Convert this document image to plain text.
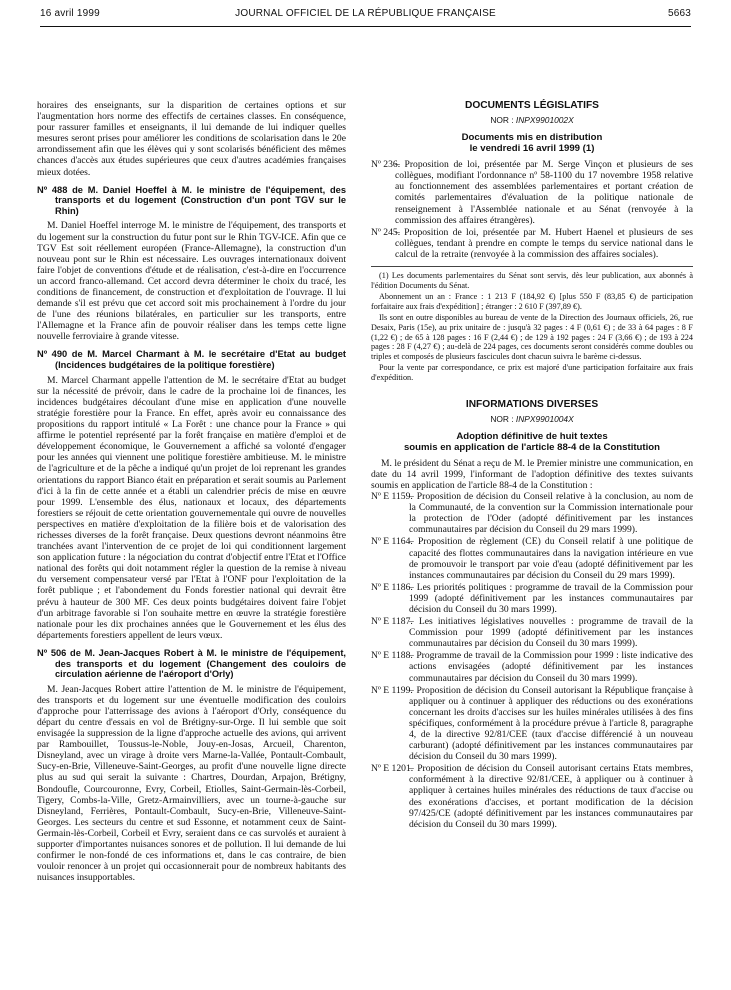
16 avril 1999	JOURNAL OFFICIEL DE LA RÉPUBLIQUE FRANÇAISE	5663

horaires des enseignants, sur la disparition de certaines options et sur l'augmentation hors norme des effectifs de certaines classes. En conséquence, pour rassurer familles et enseignants, il lui demande de lui indiquer quelles mesures seront prises pour améliorer les conditions de scolarisation dans le 20e arrondissement afin que les élèves qui y sont scolarisés bénéficient des mêmes chances d'accès aux études supérieures que ceux d'autres académies françaises mieux dotées.

Nº 488 de M. Daniel Hoeffel à M. le ministre de l'équipement, des transports et du logement (Construction d'un pont TGV sur le Rhin)

M. Daniel Hoeffel interroge M. le ministre de l'équipement, des transports et du logement sur la construction du futur pont sur le Rhin TGV-ICE. Afin que ce TGV Est soit réellement européen (France-Allemagne), la construction d'un nouveau pont sur le Rhin est nécessaire. Les ouvrages internationaux doivent faire l'objet de conventions d'étude et de réalisation, c'est-à-dire en l'occurrence un accord franco-allemand. Cet accord devra déterminer le choix du tracé, les conditions de financement, de construction et d'exploitation de l'ouvrage. Il lui demande s'il est prévu que cet accord soit mis prochainement à l'ordre du jour de l'une des réunions bilatérales, en particulier sur les transports, entre l'Allemagne et la France afin de pouvoir réaliser dans les temps cette ligne nouvelle ferroviaire à grande vitesse.

Nº 490 de M. Marcel Charmant à M. le secrétaire d'Etat au budget (Incidences budgétaires de la politique forestière)

M. Marcel Charmant appelle l'attention de M. le secrétaire d'Etat au budget sur la nécessité de prévoir, dans le cadre de la prochaine loi de finances, les incidences budgétaires découlant d'une mise en application d'une nouvelle stratégie forestière pour la France. En effet, après avoir eu connaissance des propositions du rapport intitulé « La Forêt : une chance pour la France » qui affirme le potentiel représenté par la forêt française en matière d'emploi et de développement économique, le Gouvernement a affiché sa volonté d'engager pour les années qui viennent une politique forestière ambitieuse. M. le ministre de l'agriculture et de la pêche a indiqué qu'un projet de loi reprenant les grandes orientations du rapport Bianco était en préparation et serait soumis au Parlement d'ici à la fin de cette année et a établi un calendrier précis de mise en œuvre pour 1999. L'ensemble des élus, nationaux et locaux, des départements forestiers se réjouit de cette orientation gouvernementale qui ouvre de nouvelles perspectives en matière d'exploitation de la filière bois et de valorisation des richesses diverses de la forêt française. Deux questions devront néanmoins être tranchées avant l'intervention de ce projet de loi qui conditionnent largement son application future : la négociation du contrat d'objectif entre l'Etat et l'Office national des forêts qui doit notamment régler la question de la remise à niveau du versement compensateur versé par l'Etat à l'ONF pour l'exploitation de la forêt publique ; et l'abondement du Fonds forestier national qui devrait être prévu à hauteur de 300 MF. Ces deux points budgétaires doivent faire l'objet d'un arbitrage favorable si l'on souhaite mettre en œuvre la stratégie forestière nationale pour les dix prochaines années que le Gouvernement et les élus des départements forestiers appellent de leurs vœux.

Nº 506 de M. Jean-Jacques Robert à M. le ministre de l'équipement, des transports et du logement (Changement des couloirs de circulation aérienne de l'aéroport d'Orly)

M. Jean-Jacques Robert attire l'attention de M. le ministre de l'équipement, des transports et du logement sur une éventuelle modification des couloirs d'approche pour l'atterrissage des avions à l'aéroport d'Orly, conséquence du départ du centre d'essais en vol de Brétigny-sur-Orge. Il lui semble que soit envisagée la suppression de la ligne d'approche actuelle des avions, qui arrivent par Rambouillet, Toussus-le-Noble, Jouy-en-Josas, Arcueil, Charenton, Disneyland, avec un virage à droite vers Marne-la-Vallée, Pontault-Combault, Sucy-en-Brie, Villeneuve-Saint-Georges, au profit d'une nouvelle ligne directe plus au sud qui serait la suivante : Chartres, Dourdan, Arpajon, Brétigny, Bondoufle, Courcouronne, Evry, Corbeil, Etiolles, Saint-Germain-lès-Corbeil, Tigery, Combs-la-Ville, Gretz-Armainvilliers, avec un tourne-à-gauche sur Disneyland, Ferrières, Pontault-Combault, Sucy-en-Brie, Villeneuve-Saint-Georges. Les secteurs du centre et sud Essonne, et notamment ceux de Saint-Germain-lès-Corbeil, Corbeil et Evry, seraient dans ce cas survolés et auraient à supporter d'importantes nuisances sonores et de pollution. Il lui demande de lui confirmer le non-fondé de ces informations et, dans le cas contraire, de bien vouloir renoncer à un projet qui occasionnerait pour de nombreux habitants des nuisances insupportables.

DOCUMENTS LÉGISLATIFS
NOR : INPX9901002X
Documents mis en distribution
le vendredi 16 avril 1999 (1)
Nº 236.
– Proposition de loi, présentée par M. Serge Vinçon et plusieurs de ses collègues, modifiant l'ordonnance nº 58-1100 du 17 novembre 1958 relative au fonctionnement des assemblées parlementaires et portant création de comités parlementaires d'évaluation de la politique nationale de renseignement à l'Assemblée nationale et au Sénat (renvoyée à la commission des affaires étrangères).
Nº 245.
– Proposition de loi, présentée par M. Hubert Haenel et plusieurs de ses collègues, tendant à prendre en compte le temps du service national dans le calcul de la retraite (renvoyée à la commission des affaires sociales).

(1) Les documents parlementaires du Sénat sont servis, dès leur publication, aux abonnés à l'édition Documents du Sénat.

Abonnement un an : France : 1 213 F (184,92 €) [plus 550 F (83,85 €) de participation forfaitaire aux frais d'expédition] ; étranger : 2 610 F (397,89 €).

Ils sont en outre disponibles au bureau de vente de la Direction des Journaux officiels, 26, rue Desaix, Paris (15e), au prix unitaire de : jusqu'à 32 pages : 4 F (0,61 €) ; de 33 à 64 pages : 8 F (1,22 €) ; de 65 à 128 pages : 16 F (2,44 €) ; de 129 à 192 pages : 24 F (3,66 €) ; de 193 à 224 pages : 28 F (4,27 €) ; au-delà de 224 pages, ces documents seront considérés comme doubles ou triples et composés de plusieurs fascicules dont chacun suivra le barème ci-dessus.

Pour la vente par correspondance, ce prix est majoré d'une participation forfaitaire aux frais d'expédition.

INFORMATIONS DIVERSES
NOR : INPX9901004X
Adoption définitive de huit textes
soumis en application de l'article 88-4 de la Constitution

M. le président du Sénat a reçu de M. le Premier ministre une communication, en date du 14 avril 1999, l'informant de l'adoption définitive des textes suivants soumis en application de l'article 88-4 de la Constitution :

Nº E 1159.
– Proposition de décision du Conseil relative à la conclusion, au nom de la Communauté, de la convention sur la Commission internationale pour la protection de l'Oder (adopté définitivement par les instances communautaires par décision du Conseil du 29 mars 1999).
Nº E 1164.
– Proposition de règlement (CE) du Conseil relatif à une politique de capacité des flottes communautaires dans la navigation intérieure en vue de promouvoir le transport par voie d'eau (adopté définitivement par les instances communautaires par décision du Conseil du 29 mars 1999).
Nº E 1186.
– Les priorités politiques : programme de travail de la Commission pour 1999 (adopté définitivement par les instances communautaires par décision du Conseil du 30 mars 1999).
Nº E 1187.
– Les initiatives législatives nouvelles : programme de travail de la Commission pour 1999 (adopté définitivement par les instances communautaires par décision du Conseil du 30 mars 1999).
Nº E 1188.
– Programme de travail de la Commission pour 1999 : liste indicative des actions envisagées (adopté définitivement par les instances communautaires par décision du Conseil du 30 mars 1999).
Nº E 1199.
– Proposition de décision du Conseil autorisant la République française à appliquer ou à continuer à appliquer des réductions ou des exonérations concernant les droits d'accises sur les huiles minérales utilisées à des fins spécifiques, conformément à la procédure prévue à l'article 8, paragraphe 4, de la directive 92/81/CEE (taux d'accise différencié à un nouveau carburant) (adopté définitivement par les instances communautaires par décision du Conseil du 30 mars 1999).
Nº E 1201.
– Proposition de décision du Conseil autorisant certains Etats membres, conformément à la directive 92/81/CEE, à appliquer ou à continuer à appliquer à certaines huiles minérales des réductions de taux d'accise ou des exonérations d'accises, et portant modification de la décision 97/425/CE (adopté définitivement par les instances communautaires par décision du Conseil du 30 mars 1999).
